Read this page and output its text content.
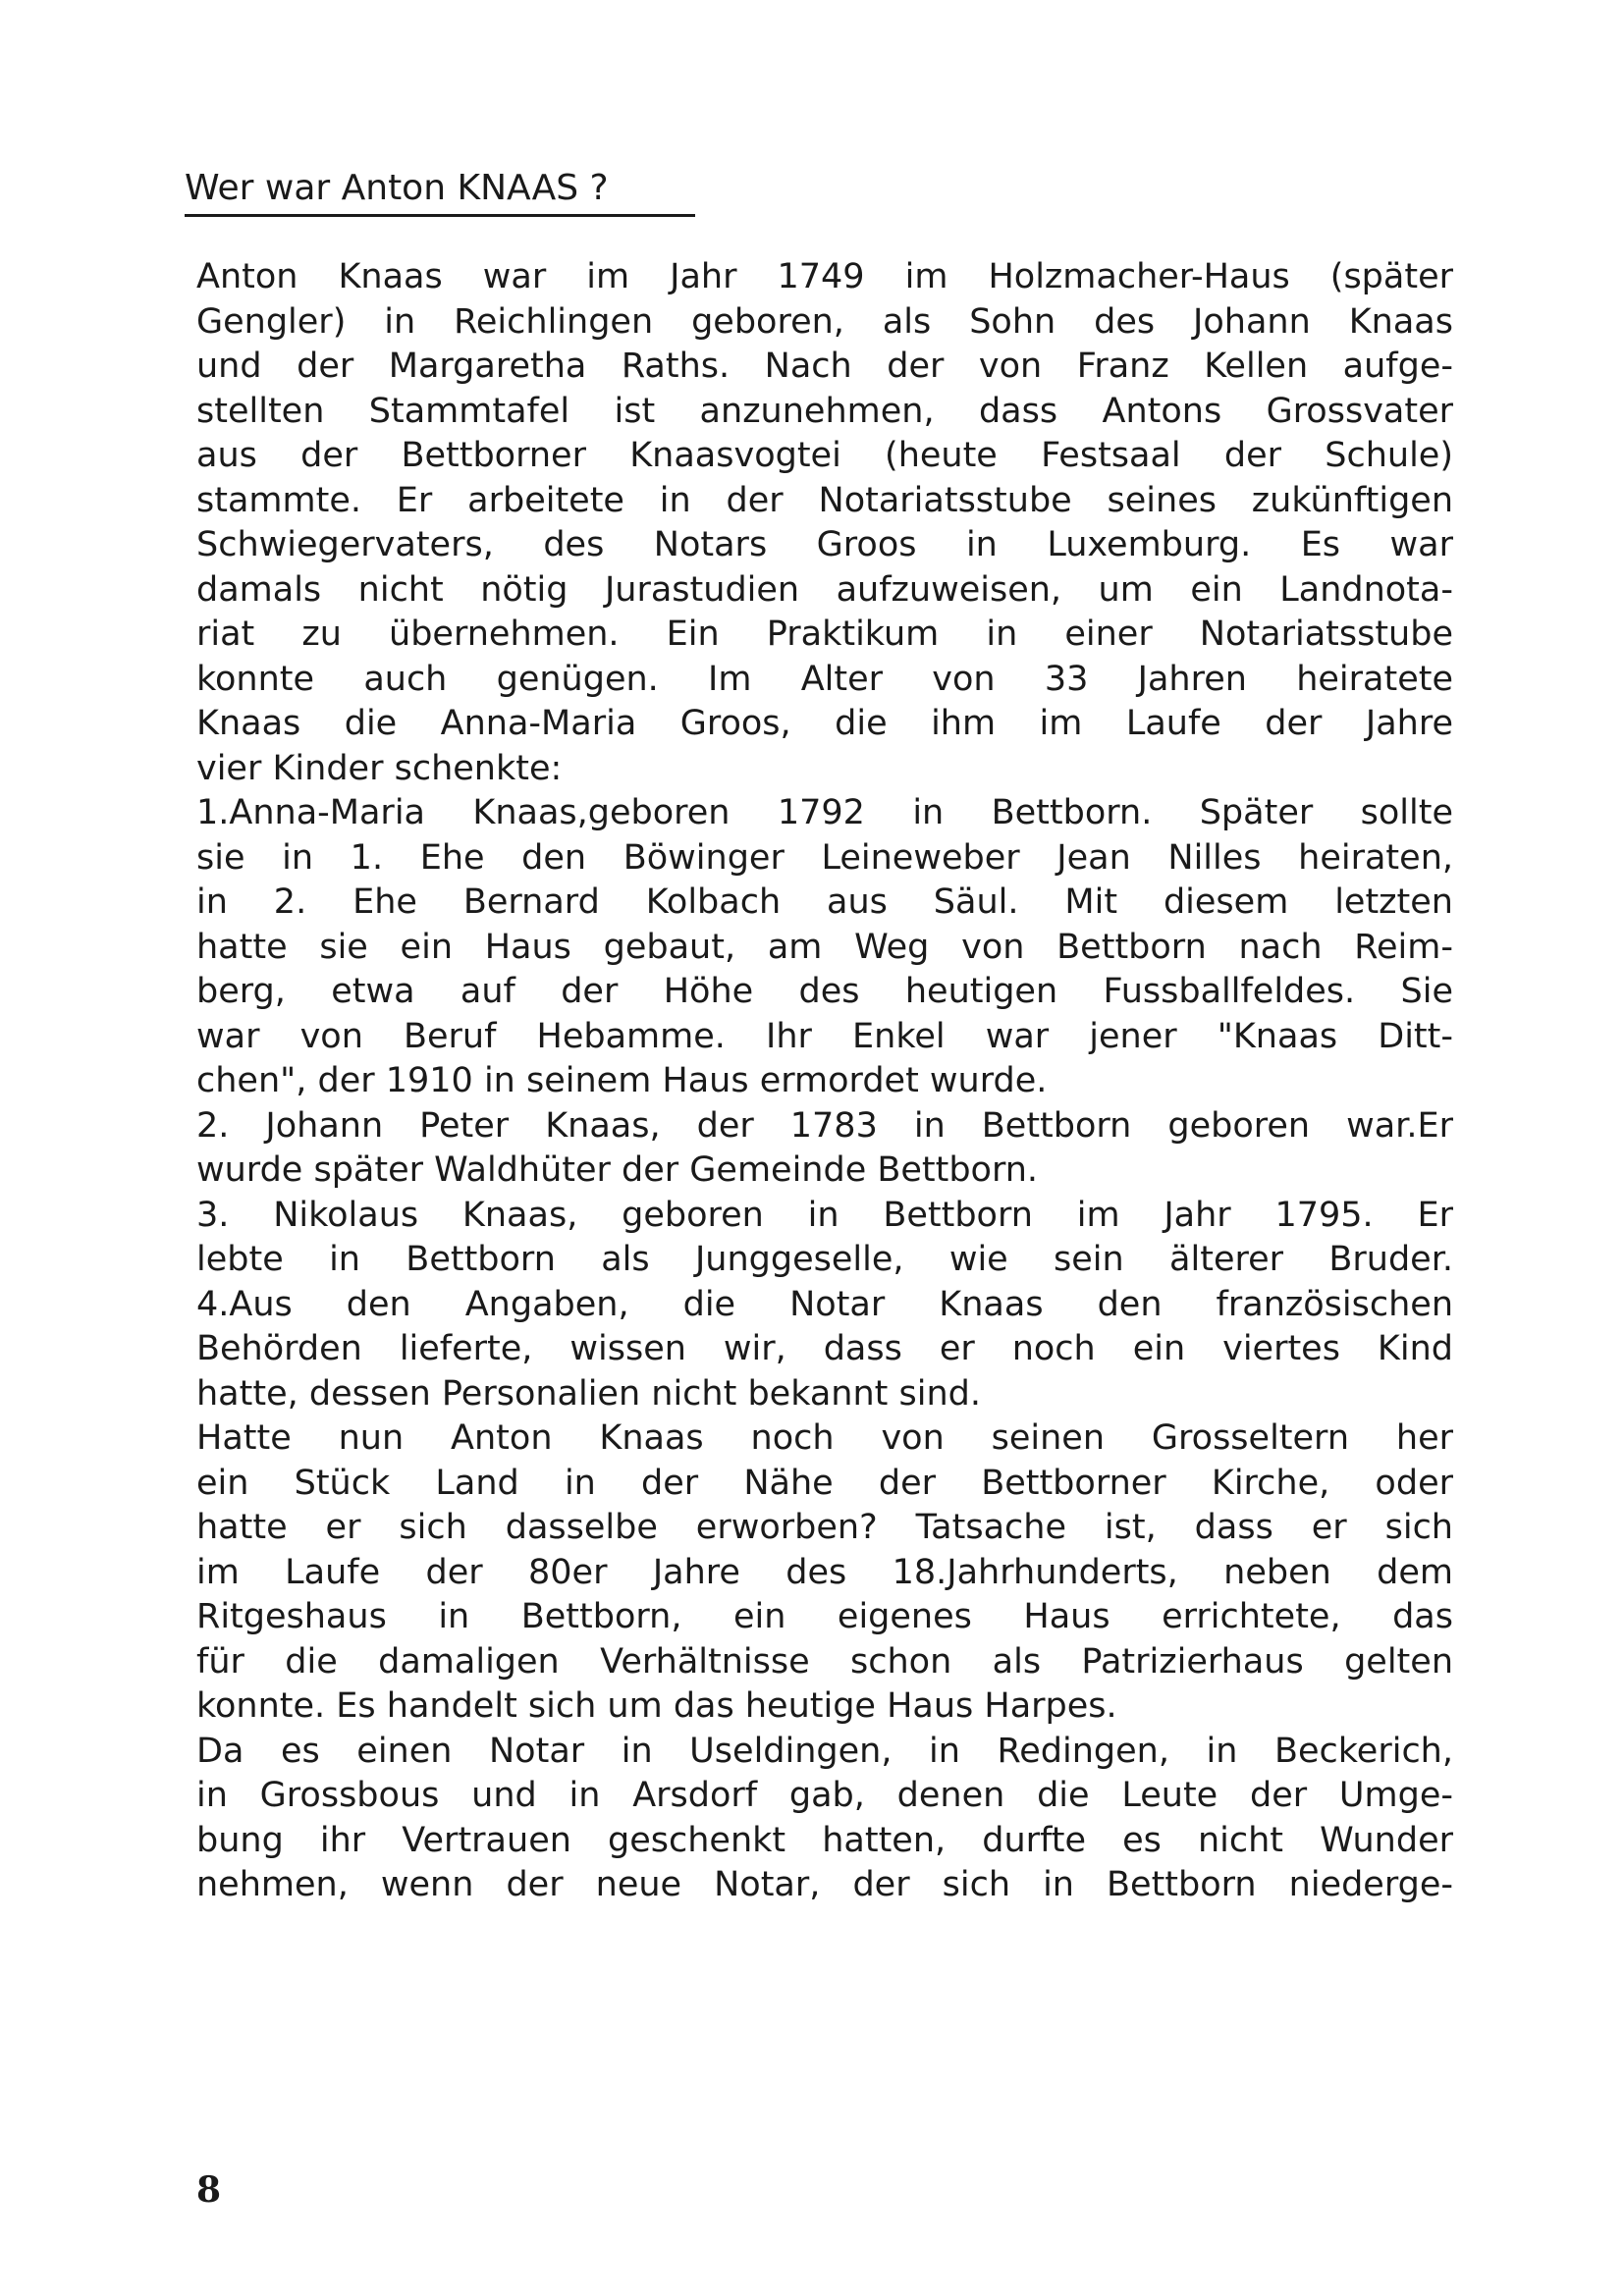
Wer war Anton KNAAS ?
Anton Knaas war im Jahr 1749 im Holzmacher-Haus (später
Gengler) in Reichlingen geboren, als Sohn des Johann Knaas
und der Margaretha Raths. Nach der von Franz Kellen aufge-
stellten Stammtafel ist anzunehmen, dass Antons Grossvater
aus der Bettborner Knaasvogtei (heute Festsaal der Schule)
stammte. Er arbeitete in der Notariatsstube seines zukünftigen
Schwiegervaters, des Notars Groos in Luxemburg. Es war
damals nicht nötig Jurastudien aufzuweisen, um ein Landnota-
riat zu übernehmen. Ein Praktikum in einer Notariatsstube
konnte auch genügen. Im Alter von 33 Jahren heiratete
Knaas die Anna-Maria Groos, die ihm im Laufe der Jahre
vier Kinder schenkte:
1.Anna-Maria Knaas,geboren 1792 in Bettborn. Später sollte
sie in 1. Ehe den Böwinger Leineweber Jean Nilles heiraten,
in 2. Ehe Bernard Kolbach aus Säul. Mit diesem letzten
hatte sie ein Haus gebaut, am Weg von Bettborn nach Reim-
berg, etwa auf der Höhe des heutigen Fussballfeldes. Sie
war von Beruf Hebamme. Ihr Enkel war jener "Knaas Ditt-
chen", der 1910 in seinem Haus ermordet wurde.
2. Johann Peter Knaas, der 1783 in Bettborn geboren war.Er
wurde später Waldhüter der Gemeinde Bettborn.
3. Nikolaus Knaas, geboren in Bettborn im Jahr 1795. Er
lebte in Bettborn als Junggeselle, wie sein älterer Bruder.
4.Aus den Angaben, die Notar Knaas den französischen
Behörden lieferte, wissen wir, dass er noch ein viertes Kind
hatte, dessen Personalien nicht bekannt sind.
Hatte nun Anton Knaas noch von seinen Grosseltern her
ein Stück Land in der Nähe der Bettborner Kirche, oder
hatte er sich dasselbe erworben? Tatsache ist, dass er sich
im Laufe der 80er Jahre des 18.Jahrhunderts, neben dem
Ritgeshaus in Bettborn, ein eigenes Haus errichtete, das
für die damaligen Verhältnisse schon als Patrizierhaus gelten
konnte. Es handelt sich um das heutige Haus Harpes.
Da es einen Notar in Useldingen, in Redingen, in Beckerich,
in Grossbous und in Arsdorf gab, denen die Leute der Umge-
bung ihr Vertrauen geschenkt hatten, durfte es nicht Wunder
nehmen, wenn der neue Notar, der sich in Bettborn niederge-
8
